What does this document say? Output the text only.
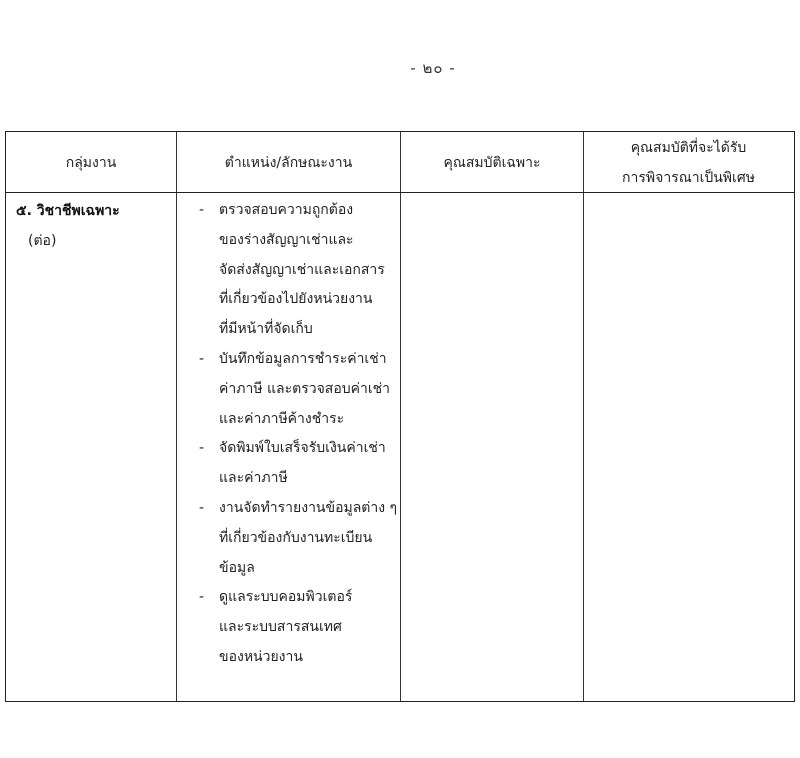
- ๒๐ -
กลุ่มงาน	ตำแหน่ง/ลักษณะงาน	คุณสมบัติเฉพาะ
คุณสมบัติที่จะได้รับ
การพิจารณาเป็นพิเศษ
๕. วิชาชีพเฉพาะ
(ต่อ)
- ตรวจสอบความถูกต้อง
ของร่างสัญญาเช่าและ
จัดส่งสัญญาเช่าและเอกสาร
ที่เกี่ยวข้องไปยังหน่วยงาน
ที่มีหน้าที่จัดเก็บ
- บันทึกข้อมูลการชำระค่าเช่า
ค่าภาษี และตรวจสอบค่าเช่า
และค่าภาษีค้างชำระ
- จัดพิมพ์ใบเสร็จรับเงินค่าเช่า
และค่าภาษี
- งานจัดทำรายงานข้อมูลต่าง ๆ
ที่เกี่ยวข้องกับงานทะเบียน
ข้อมูล
- ดูแลระบบคอมพิวเตอร์
และระบบสารสนเทศ
ของหน่วยงาน
